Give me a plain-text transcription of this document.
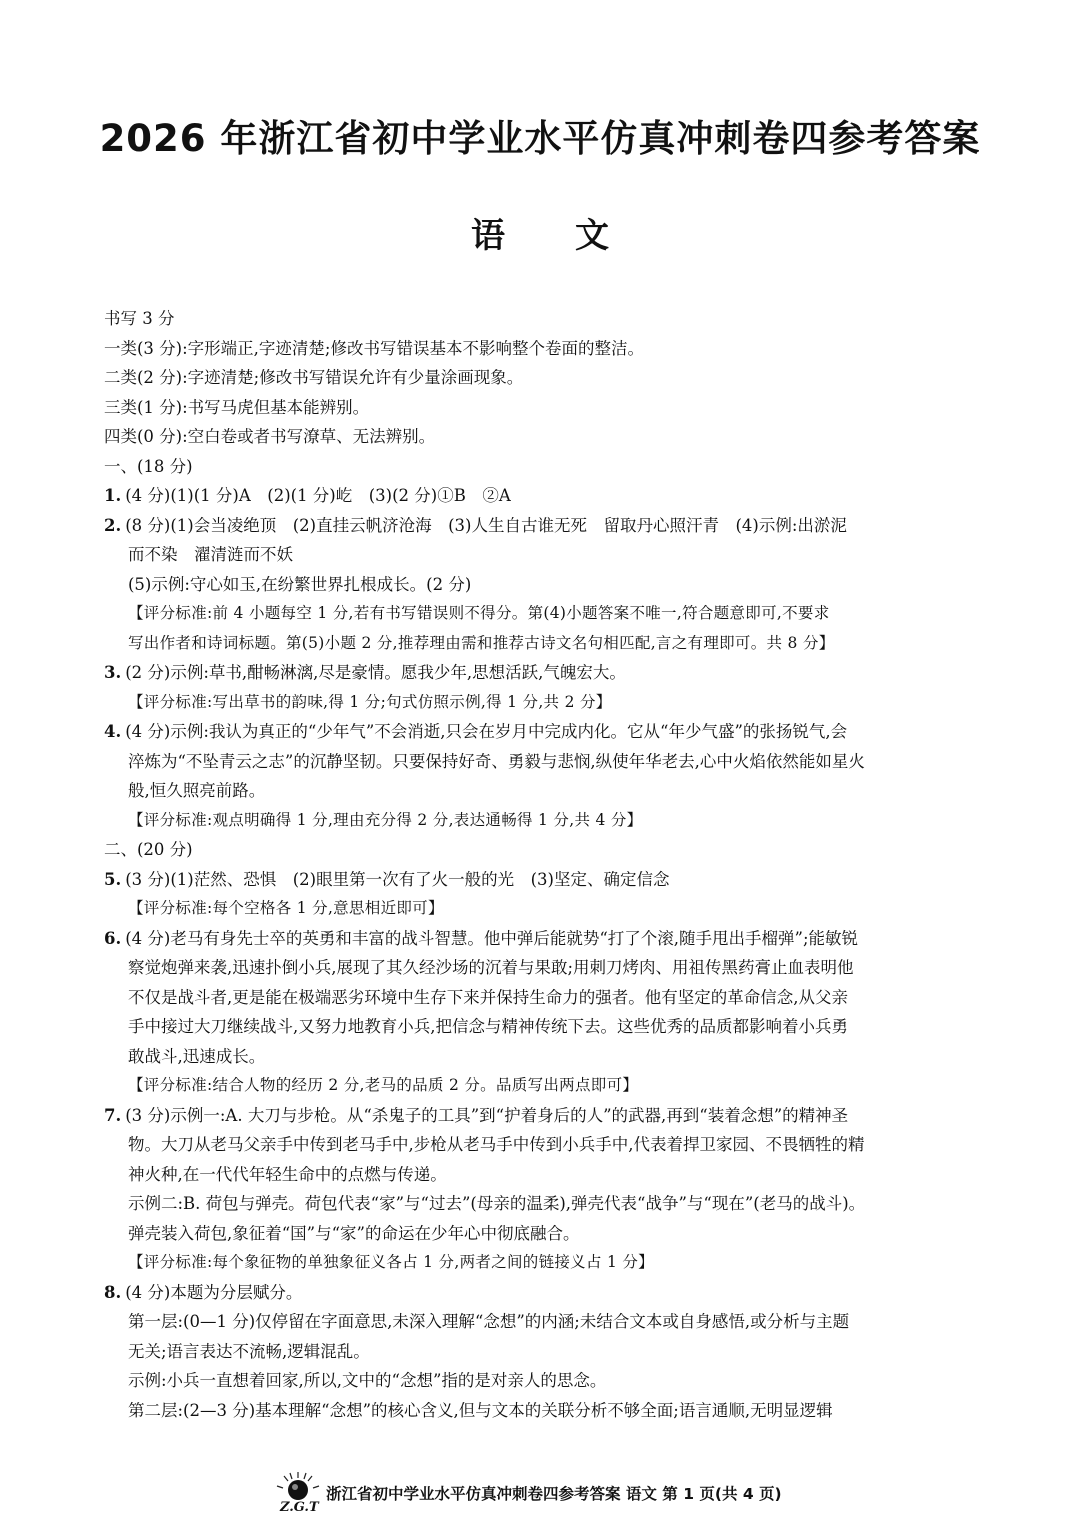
2026 年浙江省初中学业水平仿真冲刺卷四参考答案
语文
书写 3 分
一类(3 分):字形端正,字迹清楚;修改书写错误基本不影响整个卷面的整洁。
二类(2 分):字迹清楚;修改书写错误允许有少量涂画现象。
三类(1 分):书写马虎但基本能辨别。
四类(0 分):空白卷或者书写潦草、无法辨别。
一、(18 分)
1. (4 分)(1)(1 分)A　(2)(1 分)屹　(3)(2 分)①B　②A
2. (8 分)(1)会当凌绝顶　(2)直挂云帆济沧海　(3)人生自古谁无死　留取丹心照汗青　(4)示例:出淤泥
而不染　濯清涟而不妖
(5)示例:守心如玉,在纷繁世界扎根成长。(2 分)
【评分标准:前 4 小题每空 1 分,若有书写错误则不得分。第(4)小题答案不唯一,符合题意即可,不要求
写出作者和诗词标题。第(5)小题 2 分,推荐理由需和推荐古诗文名句相匹配,言之有理即可。共 8 分】
3. (2 分)示例:草书,酣畅淋漓,尽是豪情。愿我少年,思想活跃,气魄宏大。
【评分标准:写出草书的韵味,得 1 分;句式仿照示例,得 1 分,共 2 分】
4. (4 分)示例:我认为真正的“少年气”不会消逝,只会在岁月中完成内化。它从“年少气盛”的张扬锐气,会
淬炼为“不坠青云之志”的沉静坚韧。只要保持好奇、勇毅与悲悯,纵使年华老去,心中火焰依然能如星火
般,恒久照亮前路。
【评分标准:观点明确得 1 分,理由充分得 2 分,表达通畅得 1 分,共 4 分】
二、(20 分)
5. (3 分)(1)茫然、恐惧　(2)眼里第一次有了火一般的光　(3)坚定、确定信念
【评分标准:每个空格各 1 分,意思相近即可】
6. (4 分)老马有身先士卒的英勇和丰富的战斗智慧。他中弹后能就势“打了个滚,随手甩出手榴弹”;能敏锐
察觉炮弹来袭,迅速扑倒小兵,展现了其久经沙场的沉着与果敢;用刺刀烤肉、用祖传黑药膏止血表明他
不仅是战斗者,更是能在极端恶劣环境中生存下来并保持生命力的强者。他有坚定的革命信念,从父亲
手中接过大刀继续战斗,又努力地教育小兵,把信念与精神传统下去。这些优秀的品质都影响着小兵勇
敢战斗,迅速成长。
【评分标准:结合人物的经历 2 分,老马的品质 2 分。品质写出两点即可】
7. (3 分)示例一:A. 大刀与步枪。从“杀鬼子的工具”到“护着身后的人”的武器,再到“装着念想”的精神圣
物。大刀从老马父亲手中传到老马手中,步枪从老马手中传到小兵手中,代表着捍卫家园、不畏牺牲的精
神火种,在一代代年轻生命中的点燃与传递。
示例二:B. 荷包与弹壳。荷包代表“家”与“过去”(母亲的温柔),弹壳代表“战争”与“现在”(老马的战斗)。
弹壳装入荷包,象征着“国”与“家”的命运在少年心中彻底融合。
【评分标准:每个象征物的单独象征义各占 1 分,两者之间的链接义占 1 分】
8. (4 分)本题为分层赋分。
第一层:(0—1 分)仅停留在字面意思,未深入理解“念想”的内涵;未结合文本或自身感悟,或分析与主题
无关;语言表达不流畅,逻辑混乱。
示例:小兵一直想着回家,所以,文中的“念想”指的是对亲人的思念。
第二层:(2—3 分)基本理解“念想”的核心含义,但与文本的关联分析不够全面;语言通顺,无明显逻辑
Z.G.T
浙江省初中学业水平仿真冲刺卷四参考答案 语文 第 1 页(共 4 页)
